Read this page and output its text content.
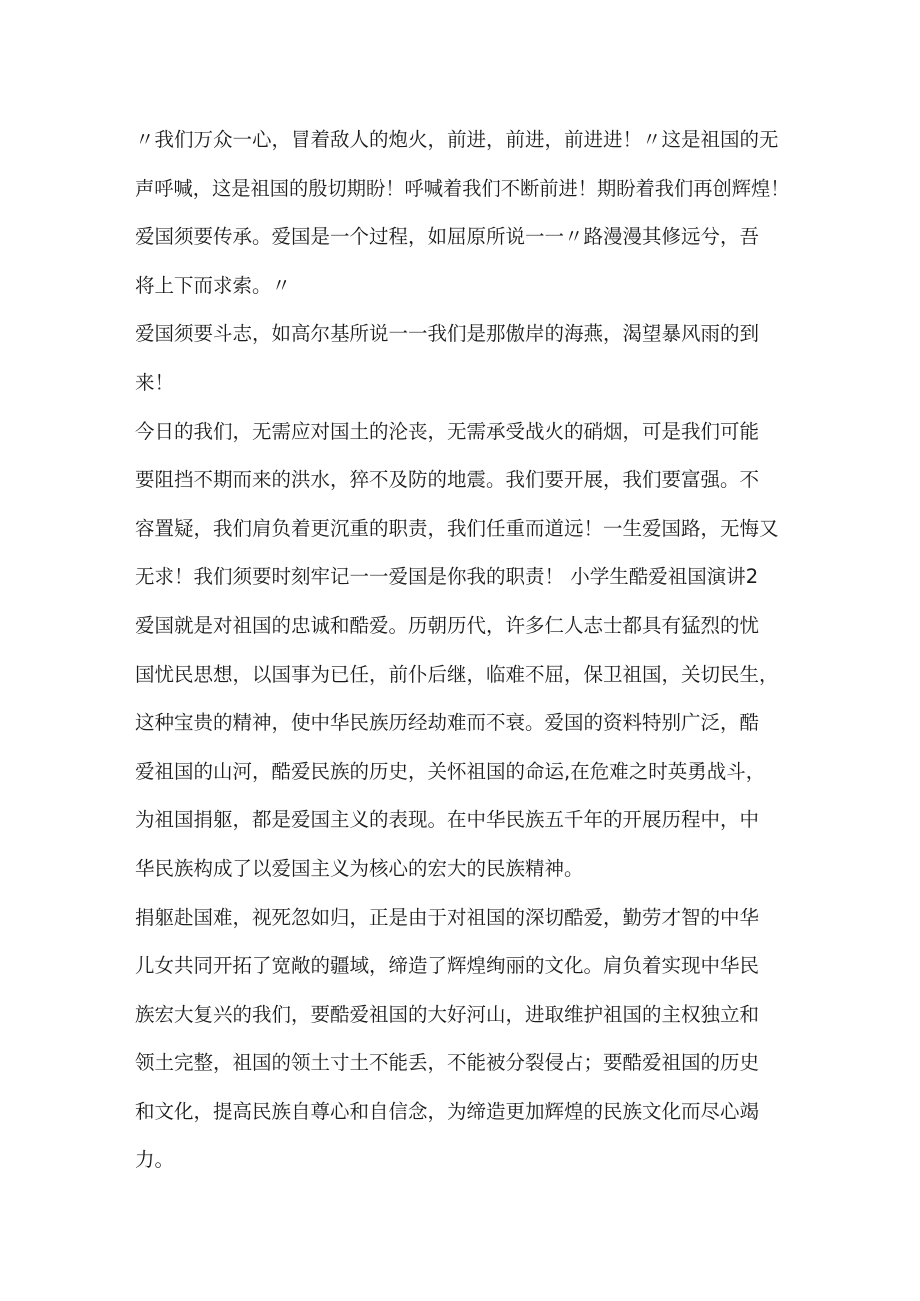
〃我们万众一心，冒着敌人的炮火，前进，前进，前进进！〃这是祖国的无
声呼喊，这是祖国的殷切期盼！呼喊着我们不断前进！期盼着我们再创辉煌！
爱国须要传承。爱国是一个过程，如屈原所说一一〃路漫漫其修远兮，吾
将上下而求索。〃
爱国须要斗志，如高尔基所说一一我们是那傲岸的海燕，渴望暴风雨的到
来！
今日的我们，无需应对国土的沦丧，无需承受战火的硝烟，可是我们可能
要阻挡不期而来的洪水，猝不及防的地震。我们要开展，我们要富强。不
容置疑，我们肩负着更沉重的职责，我们任重而道远！一生爱国路，无悔又
无求！我们须要时刻牢记一一爱国是你我的职责！ 小学生酷爱祖国演讲2
爱国就是对祖国的忠诚和酷爱。历朝历代，许多仁人志士都具有猛烈的忧
国忧民思想，以国事为已任，前仆后继，临难不屈，保卫祖国，关切民生，
这种宝贵的精神，使中华民族历经劫难而不衰。爱国的资料特别广泛，酷
爱祖国的山河，酷爱民族的历史，关怀祖国的命运,在危难之时英勇战斗，
为祖国捐躯，都是爱国主义的表现。在中华民族五千年的开展历程中，中
华民族构成了以爱国主义为核心的宏大的民族精神。
捐躯赴国难，视死忽如归，正是由于对祖国的深切酷爱，勤劳才智的中华
儿女共同开拓了宽敞的疆域，缔造了辉煌绚丽的文化。肩负着实现中华民
族宏大复兴的我们，要酷爱祖国的大好河山，进取维护祖国的主权独立和
领土完整，祖国的领土寸土不能丢，不能被分裂侵占；要酷爱祖国的历史
和文化，提高民族自尊心和自信念，为缔造更加辉煌的民族文化而尽心竭
力。
